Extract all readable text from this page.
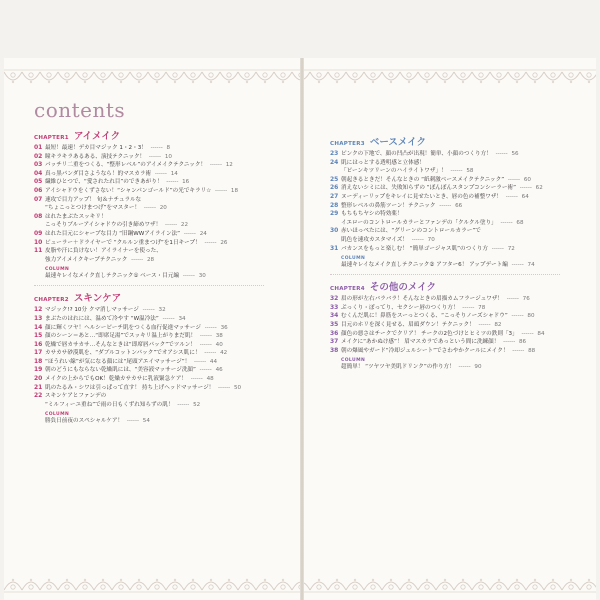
contents
CHAPTER1 アイメイク
01 最短！最速！デカ目マジック 1・2・3！ ------ 8
02 瞳キラキラあるある、演技テクニック！ ------ 10
03 パッチリ二重をつくる、“整形レベル”のアイメイクテクニック！ ------ 12
04 真っ黒パンダ目さようなら！的マスカラ術 ------ 14
05 繊維ひとつで、“愛されたれ目”のできあがり！ ------ 16
06 アイシャドウをくずさない！“シャンパンゴールド”の光でキラリ☆ ------ 18
07 速攻で目力アップ！ 旬＆ナチュラルな
“ちょこっとつけまつげ”をマスター！ ------ 20
08 はれたまぶたスッキリ！
こっそりブルーアイシャドウの引き締めワザ！ ------ 22
09 はれた目元にシャープな目力 “旧鋼WWアイライン法” ------ 24
10 ビューラー＋ドライヤーで “クルルン重まつげ”を1日キープ！ ------ 26
11 皮脂や汗に負けない！アイライナーを使った、
強力アイメイクキープテクニック ------ 28
COLUMN
最速キレイなメイク直しテクニック① ベース・目元編 ------ 30
CHAPTER2 スキンケア
12 マジック!? 10分 クマ消しマッサージ ------ 32
13 まぶたのはれには、温めて冷やす “W温冷法” ------ 34
14 顔に輝くツヤ！ヘルシーピーチ肌をつくる血行促進マッサージ ------ 36
15 顔のシーン＝あと…“即席足湯”でスッキリ温上がりまだ肌！ ------ 38
16 乾燥で唇カサカサ…そんなときは“即席唇パック”でツルン！ ------ 40
17 カサカサ砂漠肌を、“ダブルコットンパック”でオアシス肌に！ ------ 42
18 “ほうれい線”が気になる顔には“尾頭アエイマッサージ”！ ------ 44
19 朝のどうにもならない乾燥肌には、“美容液マッサージ洗顔” ------ 46
20 メイクの上からでもOK！乾燥カサカサに乳液緊急ケア！ ------ 48
21 肌のたるみ・シワは引っぱって直す！ 持ち上げヘッドマッサージ！ ------ 50
22 スキンケアとファンデの
“ミルフィーユ重ね”で雨の日もくずれ知らずの肌！ ------ 52
COLUMN
勝負日前夜のスペシャルケア！ ------ 54
CHAPTER3 ベースメイク
23 ピンクの下地で、顔の凹凸が出現！簡単、小顔のつくり方！ ------ 56
24 肌にはっとする透明感と立体感！
「ピーンキツリーンのハイライトワザ」！ ------ 58
25 朝起きるときだ！そんなときの “紙刺激ベースメイクテクニック” ------ 60
26 消えないシミには、失敗知らずの “ぽんぽんスタンプコンシーラー術” ------ 62
27 ヌーディーリップをキレイに見せたいとき、唇の色の補整ワザ！ ------ 64
28 整形レベルの鼻筋ツーン！テクニック ------ 66
29 もちもちヤシの特効薬！
イエローのコントロールカラーとファンデの「クルクル塗り」 ------ 68
30 赤いほっぺたには、“グリーンのコントロールカラー”で
肌色を速攻カスタマイズ！ ------ 70
31 バカンスをもっと楽しむ！ “簡単ゴージャス肌”のつくり方 ------ 72
COLUMN
最速キレイなメイク直しテクニック② アフター6！ アップデート編 ------ 74
CHAPTER4 その他のメイク
32 眉の形が左右バラバラ！そんなときの眉描カムフラージュワザ！ ------ 76
33 ぷっくり・ぽってり、セクシー唇のつくり方！ ------ 78
34 むくんだ肌に！鼻筋をスーっとつくる、“こっそりノーズシャドウ” ------ 80
35 目元のホリを深く見せる、眉頭ダウン！テクニック！ ------ 82
36 顔色の悪さはチークでクリア！ チークの2色づけとヒミツの鉄則「3」 ------ 84
37 メイクに“あかぬけ感”！ 眉マスカラであっという間に洗練顔！ ------ 86
38 朝の爆風やガード“冷却ジェルシート”でさわやかクールにメイク！ ------ 88
COLUMN
超簡単！ “ツヤツヤ美肌ドリンク”の作り方！ ------ 90
